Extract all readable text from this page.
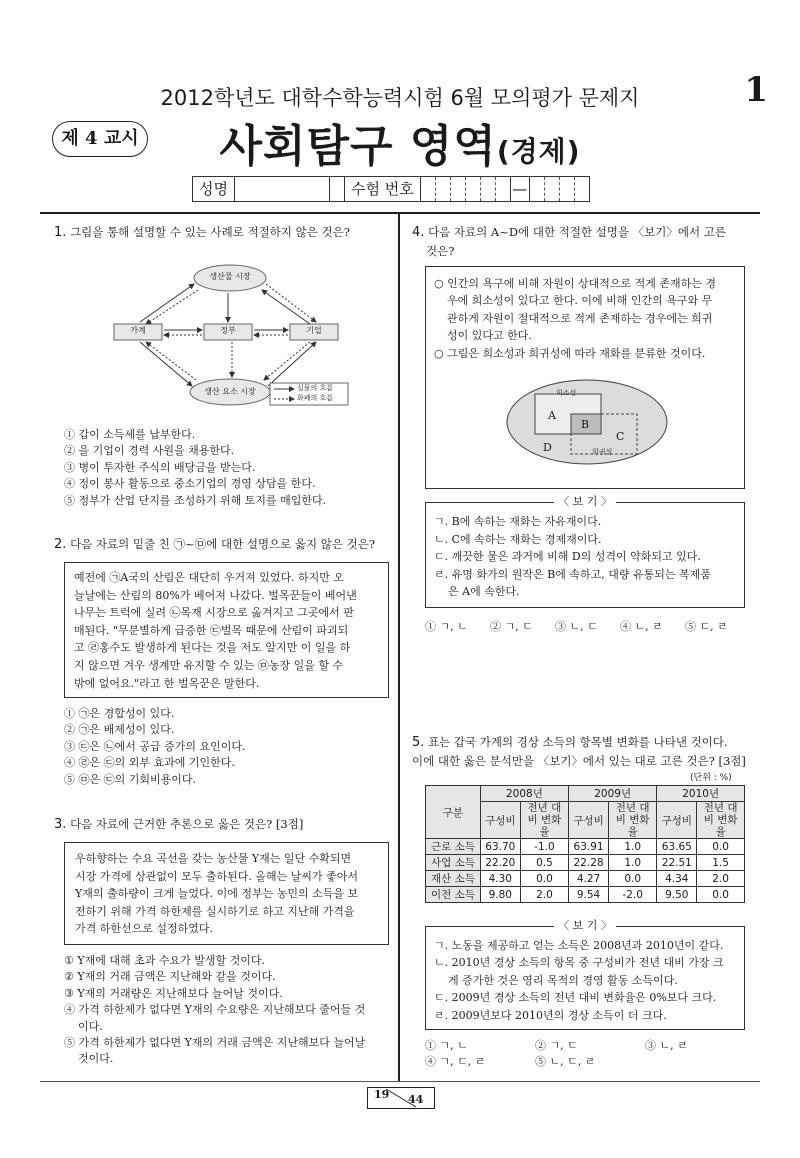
2012학년도 대학수학능력시험 6월 모의평가 문제지	1
제 4 교시	사회탐구 영역(경제)
성명	수험 번호	—
1. 그림을 통해 설명할 수 있는 사례로 적절하지 않은 것은?
생산물 시장
가계	정부	기업
생산 요소 시장	실물의 흐름
화폐의 흐름
① 갑이 소득세를 납부한다.
② 을 기업이 경력 사원을 채용한다.
③ 병이 투자한 주식의 배당금을 받는다.
④ 정이 봉사 활동으로 중소기업의 경영 상담을 한다.
⑤ 정부가 산업 단지를 조성하기 위해 토지를 매입한다.
2. 다음 자료의 밑줄 친 ㉠~㉤에 대한 설명으로 옳지 않은 것은?
예전에 ㉠A국의 산림은 대단히 우거져 있었다. 하지만 오
늘날에는 산림의 80%가 베어져 나갔다. 벌목꾼들이 베어낸
나무는 트럭에 실려 ㉡목재 시장으로 옮겨지고 그곳에서 판
매된다. "무분별하게 급증한 ㉢벌목 때문에 산림이 파괴되
고 ㉣홍수도 발생하게 된다는 것을 저도 알지만 이 일을 하
지 않으면 겨우 생계만 유지할 수 있는 ㉤농장 일을 할 수
밖에 없어요."라고 한 벌목꾼은 말한다.
① ㉠은 경합성이 있다.
② ㉠은 배제성이 있다.
③ ㉢은 ㉡에서 공급 증가의 요인이다.
④ ㉣은 ㉢의 외부 효과에 기인한다.
⑤ ㉤은 ㉢의 기회비용이다.
3. 다음 자료에 근거한 추론으로 옳은 것은? [3점]
우하향하는 수요 곡선을 갖는 농산물 Y재는 일단 수확되면
시장 가격에 상관없이 모두 출하된다. 올해는 날씨가 좋아서
Y재의 출하량이 크게 늘었다. 이에 정부는 농민의 소득을 보
전하기 위해 가격 하한제를 실시하기로 하고 지난해 가격을
가격 하한선으로 설정하였다.
① Y재에 대해 초과 수요가 발생할 것이다.
② Y재의 거래 금액은 지난해와 같을 것이다.
③ Y재의 거래량은 지난해보다 늘어날 것이다.
④ 가격 하한제가 없다면 Y재의 수요량은 지난해보다 줄어들 것
이다.
⑤ 가격 하한제가 없다면 Y재의 거래 금액은 지난해보다 늘어날
것이다.
4. 다음 자료의 A~D에 대한 적절한 설명을 〈보기〉에서 고른
것은?
○ 인간의 욕구에 비해 자원이 상대적으로 적게 존재하는 경
우에 희소성이 있다고 한다. 이에 비해 인간의 욕구와 무
관하게 자원이 절대적으로 적게 존재하는 경우에는 희귀
성이 있다고 한다.
○ 그림은 희소성과 희귀성에 따라 재화를 분류한 것이다.
희소성
희귀성
A
B
C
D
〈 보 기 〉
ㄱ. B에 속하는 재화는 자유재이다.
ㄴ. C에 속하는 재화는 경제재이다.
ㄷ. 깨끗한 물은 과거에 비해 D의 성격이 약화되고 있다.
ㄹ. 유명 화가의 원작은 B에 속하고, 대량 유통되는 복제품
은 A에 속한다.
① ㄱ, ㄴ	② ㄱ, ㄷ	③ ㄴ, ㄷ	④ ㄴ, ㄹ	⑤ ㄷ, ㄹ
5. 표는 갑국 가계의 경상 소득의 항목별 변화를 나타낸 것이다.
이에 대한 옳은 분석만을 〈보기〉에서 있는 대로 고른 것은? [3점]
(단위 : %)
구분	2008년		2009년		2010년	
	구성비	전년 대비 변화율	구성비	전년 대비 변화율	구성비	전년 대비 변화율
근로 소득	63.70	-1.0	63.91	1.0	63.65	0.0
사업 소득	22.20	0.5	22.28	1.0	22.51	1.5
재산 소득	4.30	0.0	4.27	0.0	4.34	2.0
이전 소득	9.80	2.0	9.54	-2.0	9.50	0.0
〈 보 기 〉
ㄱ. 노동을 제공하고 얻는 소득은 2008년과 2010년이 같다.
ㄴ. 2010년 경상 소득의 항목 중 구성비가 전년 대비 가장 크
게 증가한 것은 영리 목적의 경영 활동 소득이다.
ㄷ. 2009년 경상 소득의 전년 대비 변화율은 0%보다 크다.
ㄹ. 2009년보다 2010년의 경상 소득이 더 크다.
① ㄱ, ㄴ	② ㄱ, ㄷ	③ ㄴ, ㄹ
④ ㄱ, ㄷ, ㄹ	⑤ ㄴ, ㄷ, ㄹ
19 44
